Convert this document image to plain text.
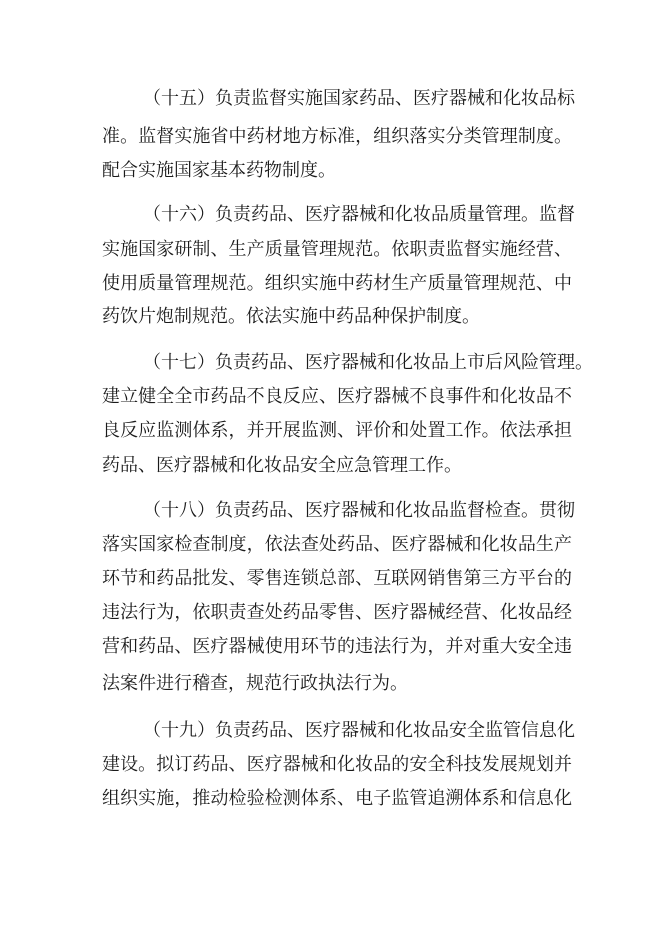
（十五）负责监督实施国家药品、医疗器械和化妆品标
准。监督实施省中药材地方标准，组织落实分类管理制度。
配合实施国家基本药物制度。
（十六）负责药品、医疗器械和化妆品质量管理。监督
实施国家研制、生产质量管理规范。依职责监督实施经营、
使用质量管理规范。组织实施中药材生产质量管理规范、中
药饮片炮制规范。依法实施中药品种保护制度。
（十七）负责药品、医疗器械和化妆品上市后风险管理。
建立健全全市药品不良反应、医疗器械不良事件和化妆品不
良反应监测体系，并开展监测、评价和处置工作。依法承担
药品、医疗器械和化妆品安全应急管理工作。
（十八）负责药品、医疗器械和化妆品监督检查。贯彻
落实国家检查制度，依法查处药品、医疗器械和化妆品生产
环节和药品批发、零售连锁总部、互联网销售第三方平台的
违法行为，依职责查处药品零售、医疗器械经营、化妆品经
营和药品、医疗器械使用环节的违法行为，并对重大安全违
法案件进行稽查，规范行政执法行为。
（十九）负责药品、医疗器械和化妆品安全监管信息化
建设。拟订药品、医疗器械和化妆品的安全科技发展规划并
组织实施，推动检验检测体系、电子监管追溯体系和信息化
